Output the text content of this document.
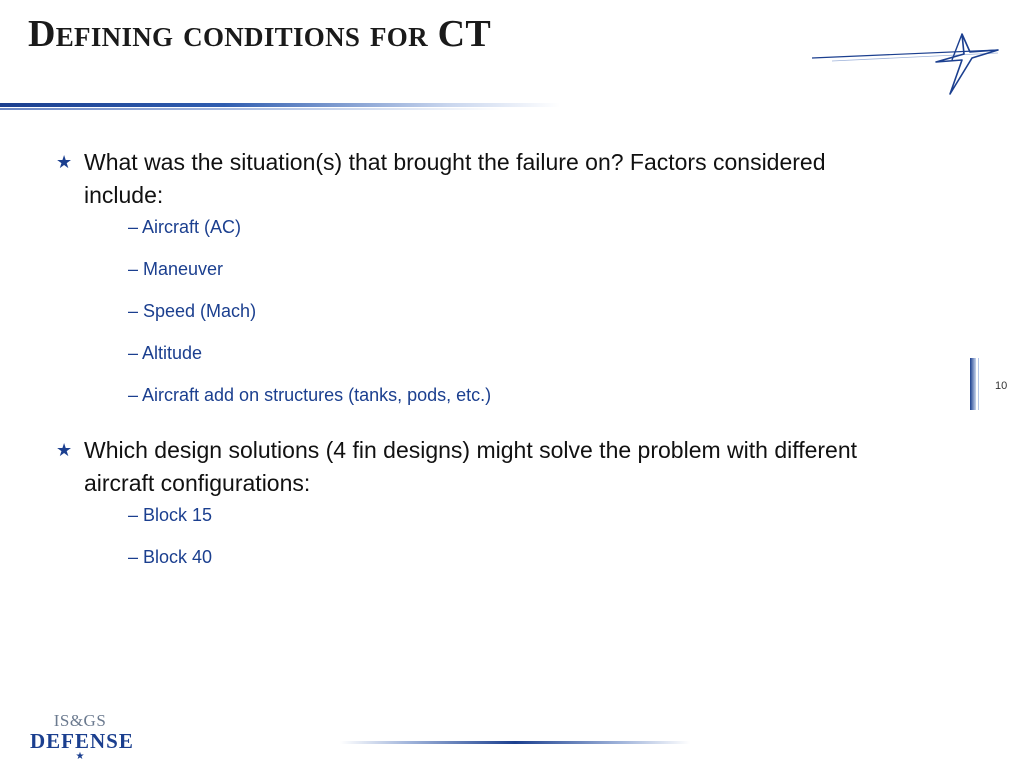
Defining conditions for CT
10
★ What was the situation(s) that brought the failure on? Factors considered include:
– Aircraft (AC)
– Maneuver
– Speed (Mach)
– Altitude
– Aircraft add on structures (tanks, pods, etc.)
★ Which design solutions (4 fin designs) might solve the problem with different aircraft configurations:
– Block 15
– Block 40
IS&GS
DEFENSE
★
